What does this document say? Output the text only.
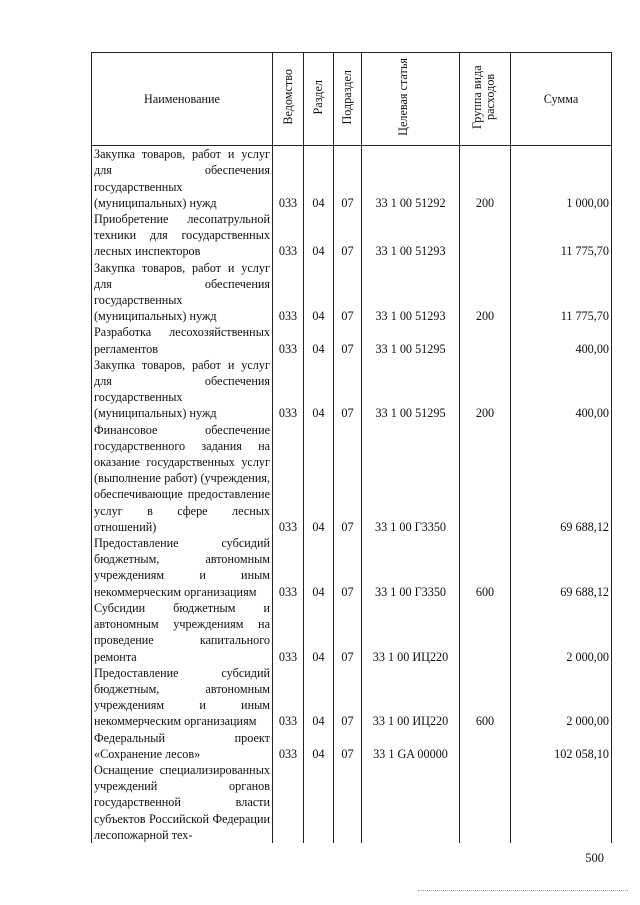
Наименование	Ведомство	Раздел	Подраздел	Целевая статья	Группа вида расходов	Сумма
Закупка товаров, работ и услуг для обеспечения государственных (муниципальных) нужд	033	04	07	33 1 00 51292	200	1 000,00
Приобретение лесопатрульной техники для государственных лесных инспекторов	033	04	07	33 1 00 51293		11 775,70
Закупка товаров, работ и услуг для обеспечения государственных (муниципальных) нужд	033	04	07	33 1 00 51293	200	11 775,70
Разработка лесохозяйственных регламентов	033	04	07	33 1 00 51295		400,00
Закупка товаров, работ и услуг для обеспечения государственных (муниципальных) нужд	033	04	07	33 1 00 51295	200	400,00
Финансовое обеспечение государственного задания на оказание государственных услуг (выполнение работ) (учреждения, обеспечивающие предоставление услуг в сфере лесных отношений)	033	04	07	33 1 00 Г3350		69 688,12
Предоставление субсидий бюджетным, автономным учреждениям и иным некоммерческим организациям	033	04	07	33 1 00 Г3350	600	69 688,12
Субсидии бюджетным и автономным учреждениям на проведение капитального ремонта	033	04	07	33 1 00 ИЦ220		2 000,00
Предоставление субсидий бюджетным, автономным учреждениям и иным некоммерческим организациям	033	04	07	33 1 00 ИЦ220	600	2 000,00
Федеральный проект «Сохранение лесов»	033	04	07	33 1 GA 00000		102 058,10
Оснащение специализированных учреждений органов государственной власти субъектов Российской Федерации лесопожарной тех-						
500
